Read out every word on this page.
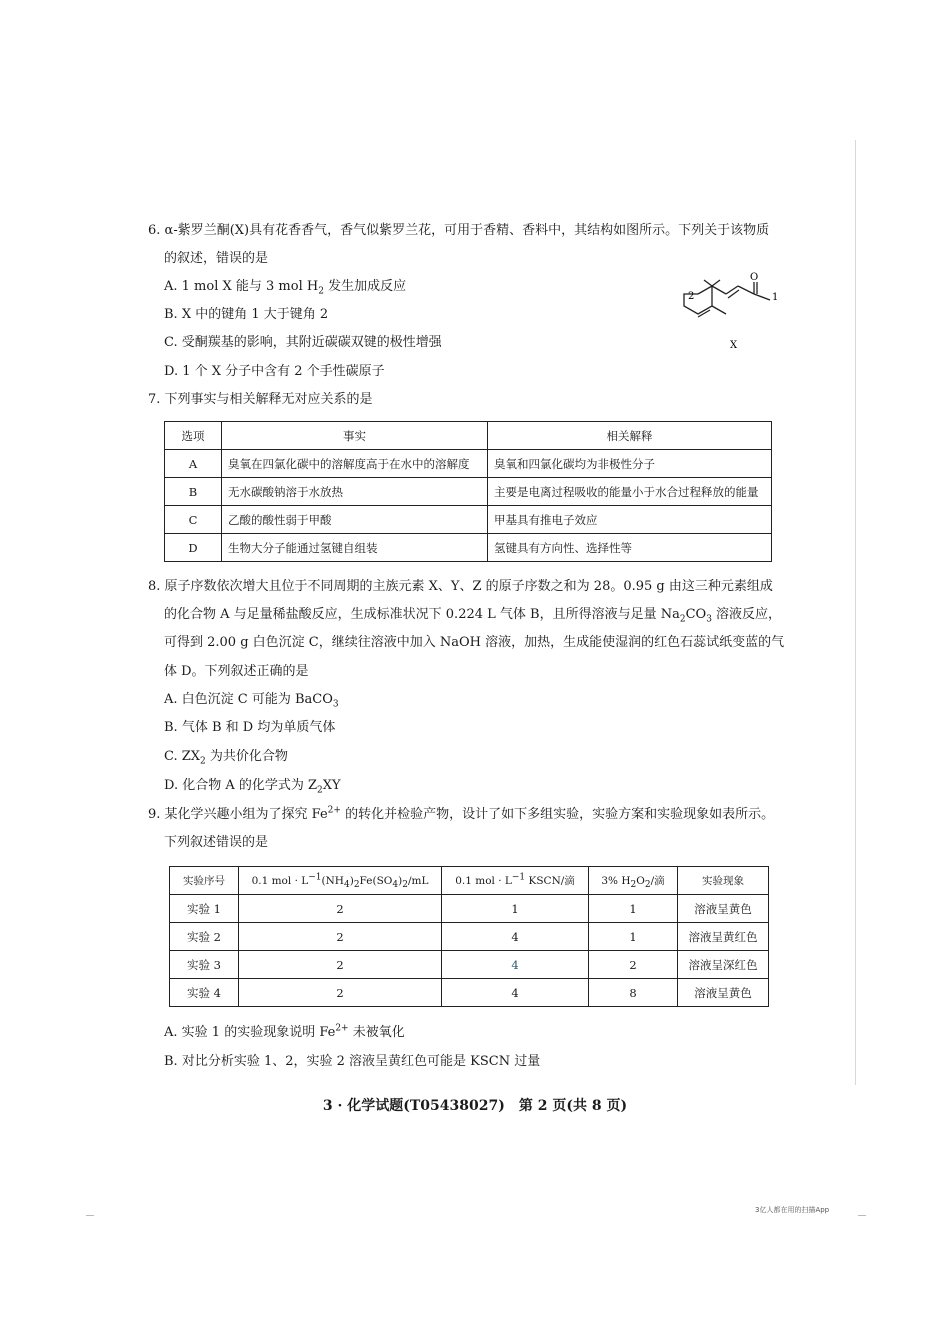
6. α-紫罗兰酮(X)具有花香香气，香气似紫罗兰花，可用于香精、香料中，其结构如图所示。下列关于该物质
的叙述，错误的是
A. 1 mol X 能与 3 mol $H_2$ 发生加成反应
B. X 中的键角 1 大于键角 2
C. 受酮羰基的影响，其附近碳碳双键的极性增强
D. 1 个 X 分子中含有 2 个手性碳原子
O
2	1
X
7. 下列事实与相关解释无对应关系的是
选项	事实	相关解释
A	臭氧在四氯化碳中的溶解度高于在水中的溶解度	臭氧和四氯化碳均为非极性分子
B	无水碳酸钠溶于水放热	主要是电离过程吸收的能量小于水合过程释放的能量
C	乙酸的酸性弱于甲酸	甲基具有推电子效应
D	生物大分子能通过氢键自组装	氢键具有方向性、选择性等
8. 原子序数依次增大且位于不同周期的主族元素 X、Y、Z 的原子序数之和为 28。0.95 g 由这三种元素组成
的化合物 A 与足量稀盐酸反应，生成标准状况下 0.224 L 气体 B，且所得溶液与足量 $Na_2CO_3$ 溶液反应，
可得到 2.00 g 白色沉淀 C，继续往溶液中加入 NaOH 溶液，加热，生成能使湿润的红色石蕊试纸变蓝的气
体 D。下列叙述正确的是
A. 白色沉淀 C 可能为 BaCO$_3$
B. 气体 B 和 D 均为单质气体
C. $ZX_2$ 为共价化合物
D. 化合物 A 的化学式为 $Z_2XY$
9. 某化学兴趣小组为了探究 $Fe^{2+}$ 的转化并检验产物，设计了如下多组实验，实验方案和实验现象如表所示。
下列叙述错误的是
实验序号	0.1 mol · $L^{-1}(NH_4)_2Fe(SO_4)_2/mL$	0.1 mol · $L^{-1}$ KSCN/滴	3% $H_2O_2/$滴	实验现象
实验 1	2	1	1	溶液呈黄色
实验 2	2	4	1	溶液呈黄红色
实验 3	2	4	2	溶液呈深红色
实验 4	2	4	8	溶液呈黄色
A. 实验 1 的实验现象说明 $Fe^{2+}$ 未被氧化
B. 对比分析实验 1、2，实验 2 溶液呈黄红色可能是 KSCN 过量
3 · 化学试题(T05438027)　第 2 页(共 8 页)
3亿人都在用的扫描App
